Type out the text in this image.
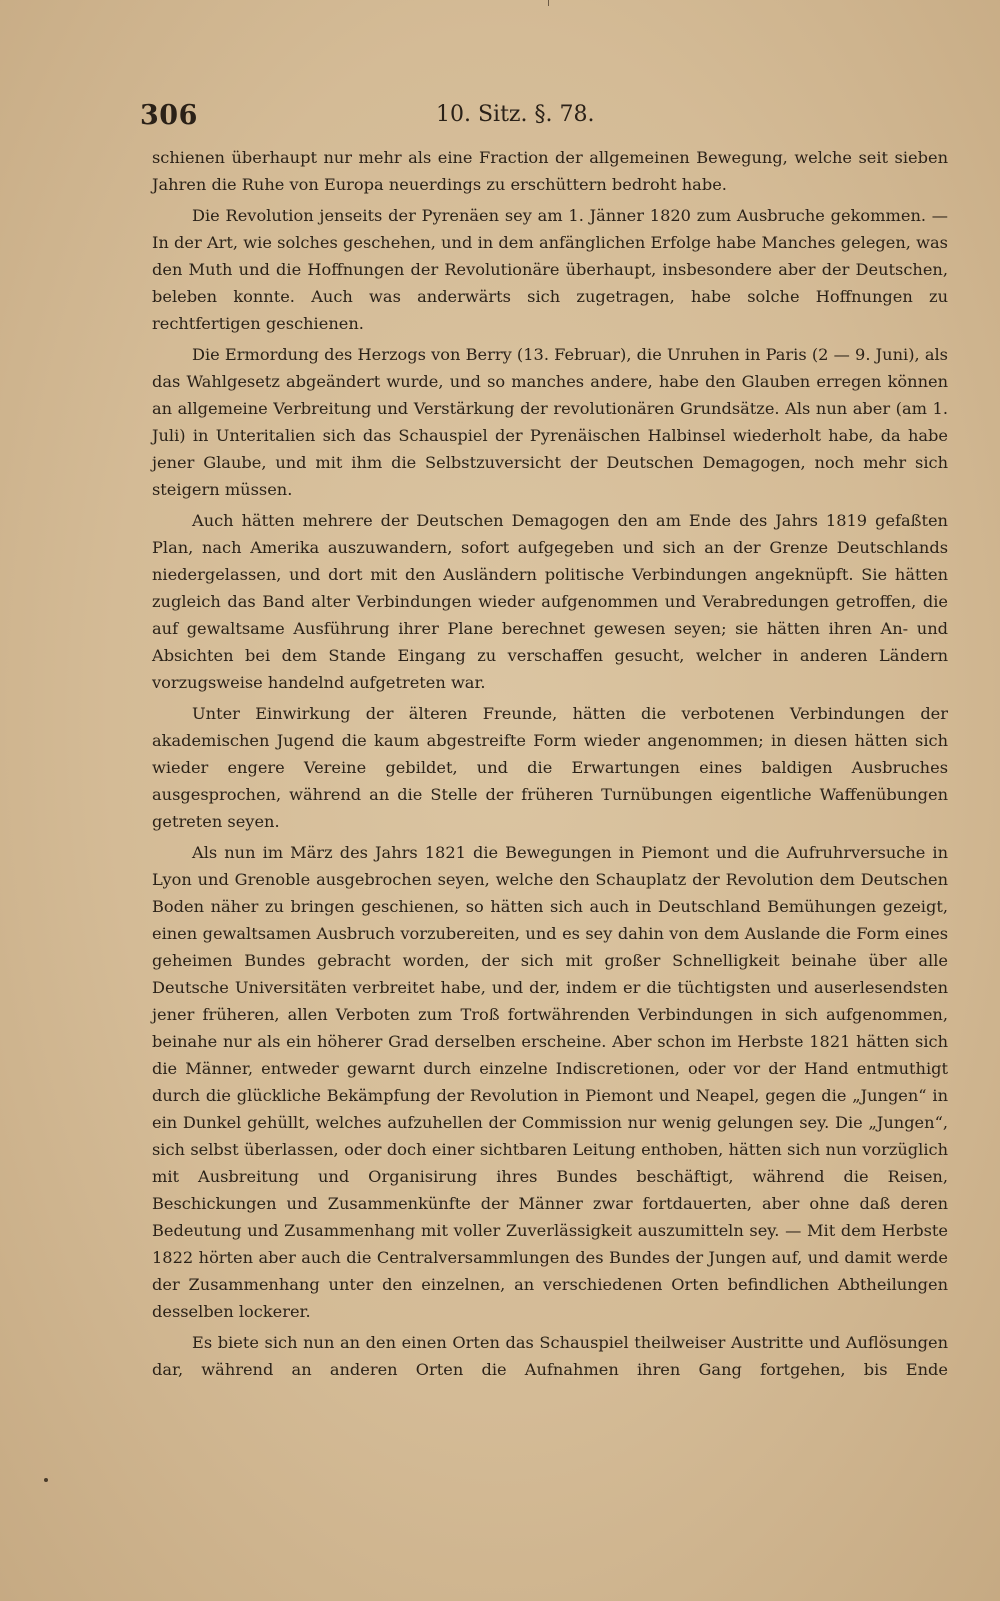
306	10. Sitz. §. 78.

schienen überhaupt nur mehr als eine Fraction der allgemeinen Bewegung, welche seit sieben Jahren die Ruhe von Europa neuerdings zu erschüttern bedroht habe.

Die Revolution jenseits der Pyrenäen sey am 1. Jänner 1820 zum Ausbruche gekommen. — In der Art, wie solches geschehen, und in dem anfänglichen Erfolge habe Manches gelegen, was den Muth und die Hoffnungen der Revolutionäre überhaupt, insbesondere aber der Deutschen, beleben konnte. Auch was anderwärts sich zugetragen, habe solche Hoffnungen zu rechtfertigen geschienen.

Die Ermordung des Herzogs von Berry (13. Februar), die Unruhen in Paris (2 — 9. Juni), als das Wahlgesetz abgeändert wurde, und so manches andere, habe den Glauben erregen können an allgemeine Verbreitung und Verstärkung der revolutionären Grundsätze. Als nun aber (am 1. Juli) in Unteritalien sich das Schauspiel der Pyrenäischen Halbinsel wiederholt habe, da habe jener Glaube, und mit ihm die Selbstzuversicht der Deutschen Demagogen, noch mehr sich steigern müssen.

Auch hätten mehrere der Deutschen Demagogen den am Ende des Jahrs 1819 gefaßten Plan, nach Amerika auszuwandern, sofort aufgegeben und sich an der Grenze Deutschlands niedergelassen, und dort mit den Ausländern politische Verbindungen angeknüpft. Sie hätten zugleich das Band alter Verbindungen wieder aufgenommen und Verabredungen getroffen, die auf gewaltsame Ausführung ihrer Plane berechnet gewesen seyen; sie hätten ihren An- und Absichten bei dem Stande Eingang zu verschaffen gesucht, welcher in anderen Ländern vorzugsweise handelnd aufgetreten war.

Unter Einwirkung der älteren Freunde, hätten die verbotenen Verbindungen der akademischen Jugend die kaum abgestreifte Form wieder angenommen; in diesen hätten sich wieder engere Vereine gebildet, und die Erwartungen eines baldigen Ausbruches ausgesprochen, während an die Stelle der früheren Turnübungen eigentliche Waffenübungen getreten seyen.

Als nun im März des Jahrs 1821 die Bewegungen in Piemont und die Aufruhrversuche in Lyon und Grenoble ausgebrochen seyen, welche den Schauplatz der Revolution dem Deutschen Boden näher zu bringen geschienen, so hätten sich auch in Deutschland Bemühungen gezeigt, einen gewaltsamen Ausbruch vorzubereiten, und es sey dahin von dem Auslande die Form eines geheimen Bundes gebracht worden, der sich mit großer Schnelligkeit beinahe über alle Deutsche Universitäten verbreitet habe, und der, indem er die tüchtigsten und auserlesendsten jener früheren, allen Verboten zum Troß fortwährenden Verbindungen in sich aufgenommen, beinahe nur als ein höherer Grad derselben erscheine. Aber schon im Herbste 1821 hätten sich die Männer, entweder gewarnt durch einzelne Indiscretionen, oder vor der Hand entmuthigt durch die glückliche Bekämpfung der Revolution in Piemont und Neapel, gegen die „Jungen“ in ein Dunkel gehüllt, welches aufzuhellen der Commission nur wenig gelungen sey. Die „Jungen“, sich selbst überlassen, oder doch einer sichtbaren Leitung enthoben, hätten sich nun vorzüglich mit Ausbreitung und Organisirung ihres Bundes beschäftigt, während die Reisen, Beschickungen und Zusammenkünfte der Männer zwar fortdauerten, aber ohne daß deren Bedeutung und Zusammenhang mit voller Zuverlässigkeit auszumitteln sey. — Mit dem Herbste 1822 hörten aber auch die Centralversammlungen des Bundes der Jungen auf, und damit werde der Zusammenhang unter den einzelnen, an verschiedenen Orten befindlichen Abtheilungen desselben lockerer.

Es biete sich nun an den einen Orten das Schauspiel theilweiser Austritte und Auflösungen dar, während an anderen Orten die Aufnahmen ihren Gang fortgehen, bis Ende
